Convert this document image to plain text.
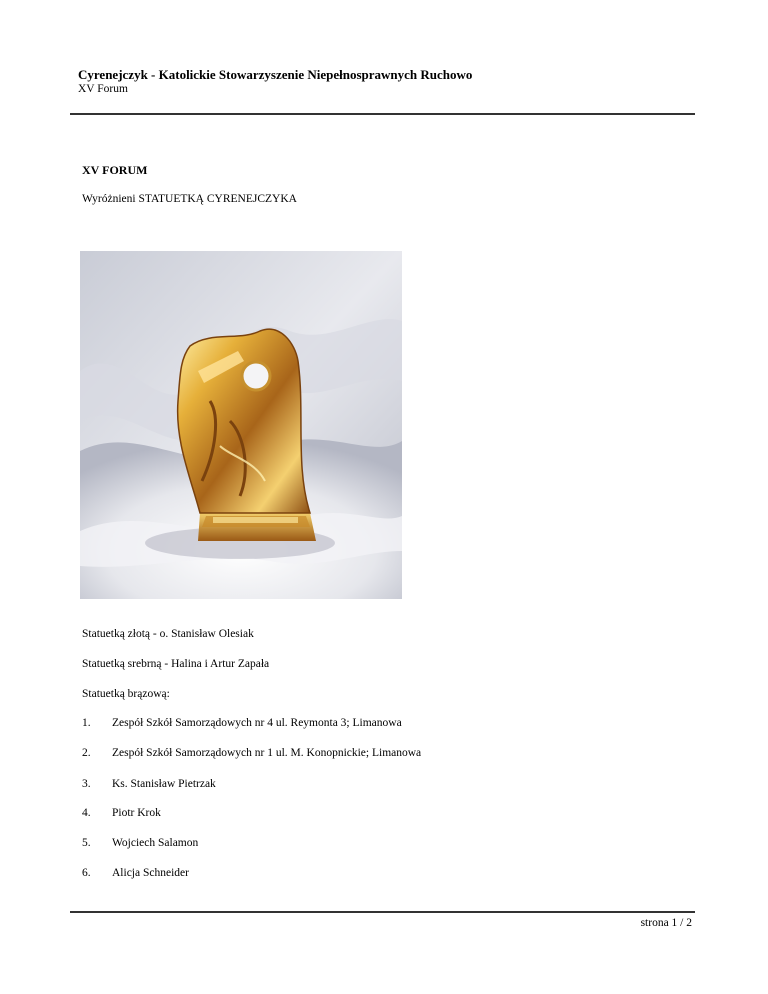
Cyrenejczyk - Katolickie Stowarzyszenie Niepełnosprawnych Ruchowo
XV Forum

XV FORUM

Wyróżnieni STATUETKĄ CYRENEJCZYKA

Statuetką złotą - o. Stanisław Olesiak
Statuetką srebrną - Halina i Artur Zapała
Statuetką brązową:
1. Zespół Szkół Samorządowych nr 4 ul. Reymonta 3; Limanowa
2. Zespół Szkół Samorządowych nr 1 ul. M. Konopnickie; Limanowa
3. Ks. Stanisław Pietrzak
4. Piotr Krok
5. Wojciech Salamon
6. Alicja Schneider
strona 1 / 2
